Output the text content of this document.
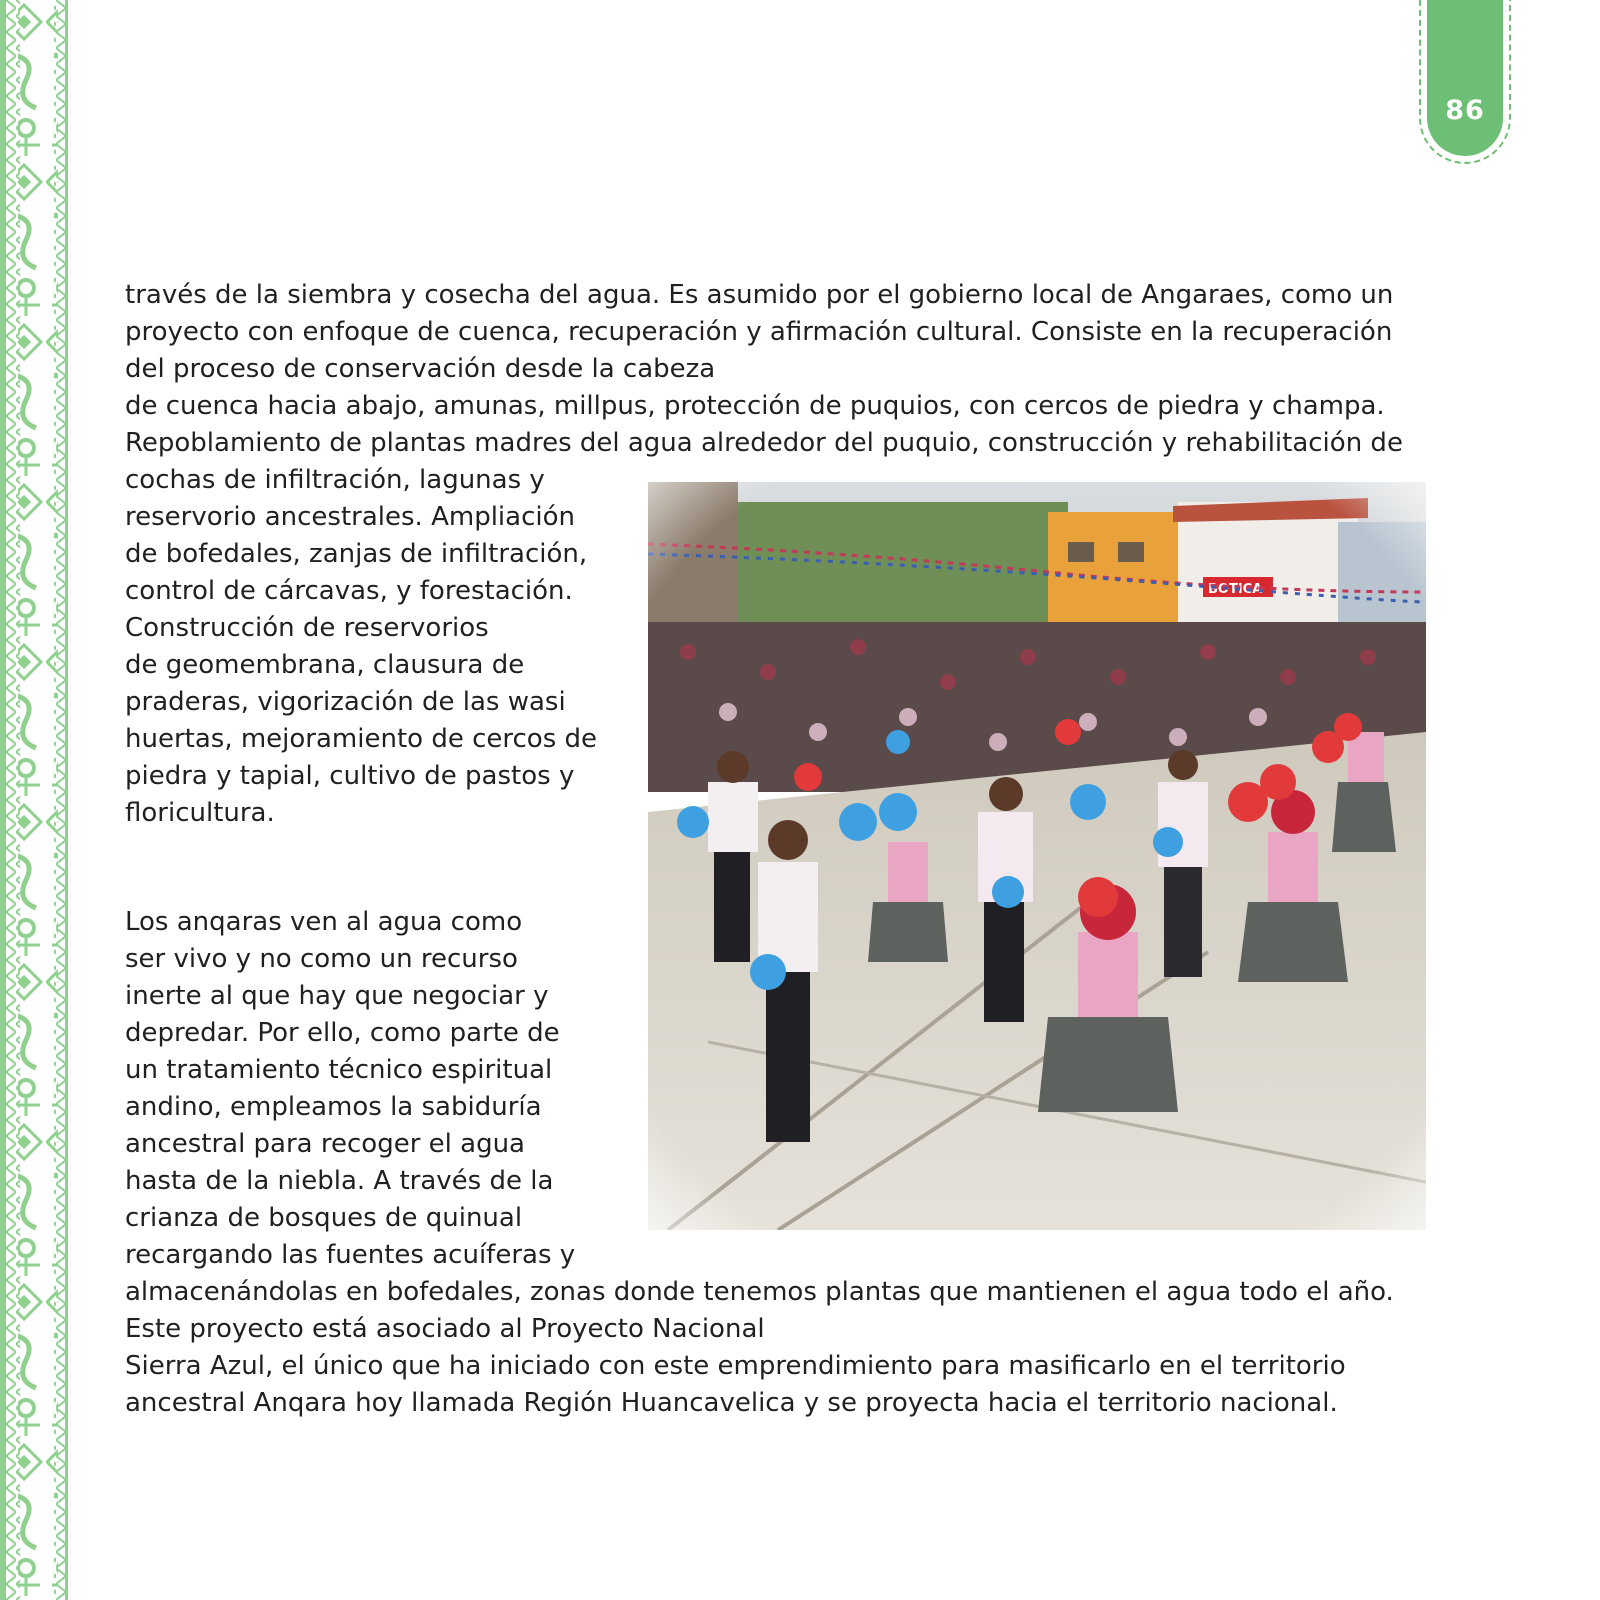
86
través de la siembra y cosecha del agua. Es asumido por el gobierno local de Angaraes, como un
proyecto con enfoque de cuenca, recuperación y afirmación cultural. Consiste en la recuperación
del proceso de conservación desde la cabeza
de cuenca hacia abajo, amunas, millpus, protección de puquios, con cercos de piedra y champa.
Repoblamiento de plantas madres del agua alrededor del puquio, construcción y rehabilitación de
cochas de infiltración, lagunas y
reservorio ancestrales. Ampliación
de bofedales, zanjas de infiltración,
control de cárcavas, y forestación.
Construcción de reservorios
de geomembrana, clausura de
praderas, vigorización de las wasi
huertas, mejoramiento de cercos de
piedra y tapial, cultivo de pastos y
floricultura.
Los anqaras ven al agua como
ser vivo y no como un recurso
inerte al que hay que negociar y
depredar. Por ello, como parte de
un tratamiento técnico espiritual
andino, empleamos la sabiduría
ancestral para recoger el agua
hasta de la niebla. A través de la
crianza de bosques de quinual
recargando las fuentes acuíferas y
almacenándolas en bofedales, zonas donde tenemos plantas que mantienen el agua todo el año.
Este proyecto está asociado al Proyecto Nacional
Sierra Azul, el único que ha iniciado con este emprendimiento para masificarlo en el territorio
ancestral Anqara hoy llamada Región Huancavelica y se proyecta hacia el territorio nacional.
